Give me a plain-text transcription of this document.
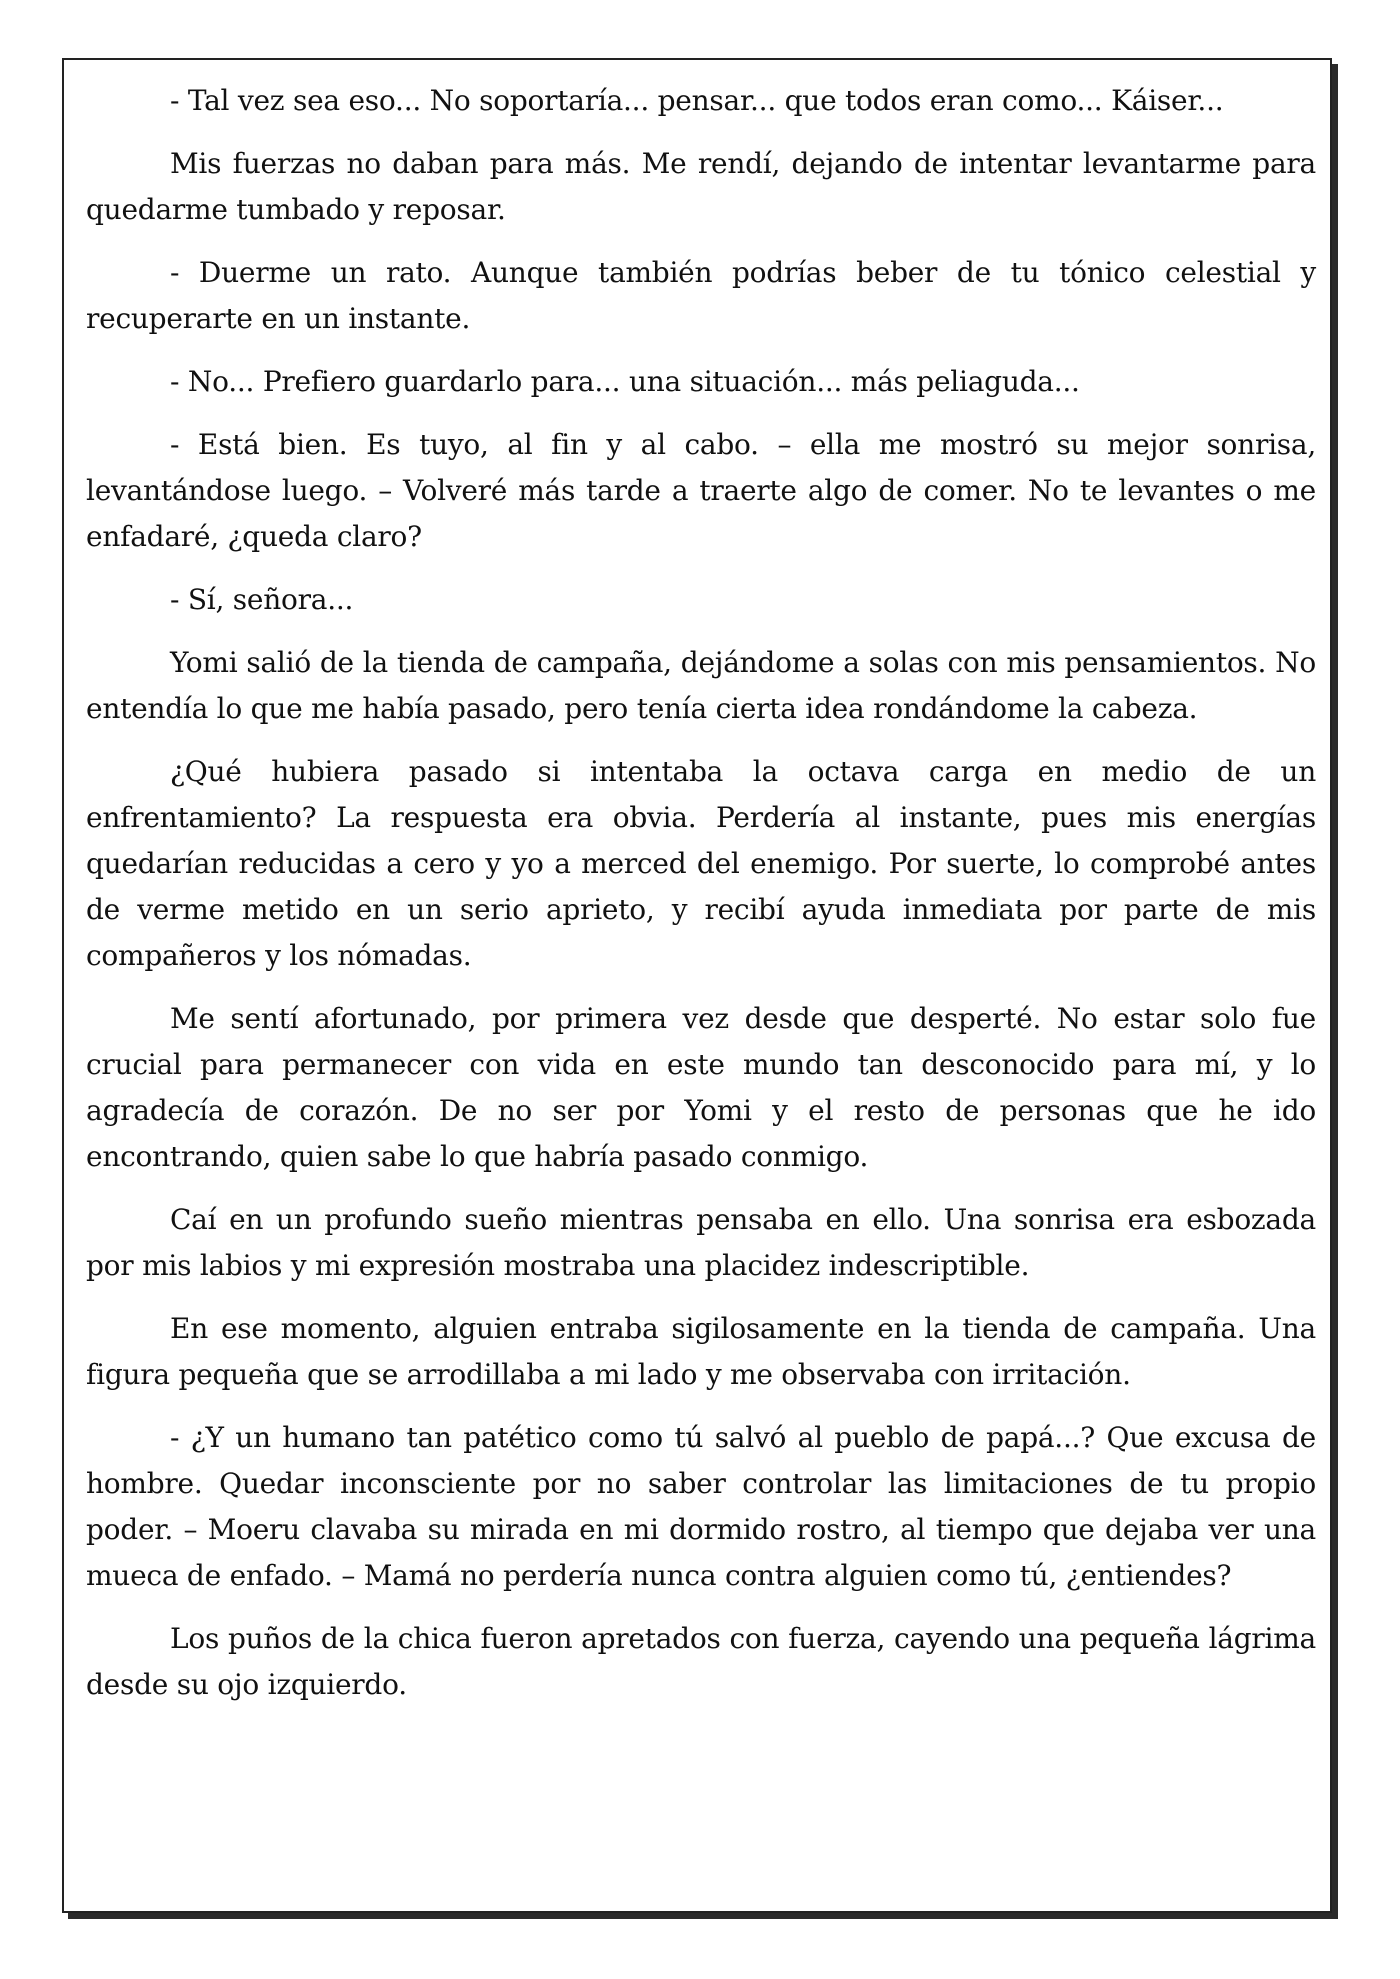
- Tal vez sea eso... No soportaría... pensar... que todos eran como... Káiser...

Mis fuerzas no daban para más. Me rendí, dejando de intentar levantarme para quedarme tumbado y reposar.

- Duerme un rato. Aunque también podrías beber de tu tónico celestial y recuperarte en un instante.

- No... Prefiero guardarlo para... una situación... más peliaguda...

- Está bien. Es tuyo, al fin y al cabo. – ella me mostró su mejor sonrisa, levantándose luego. – Volveré más tarde a traerte algo de comer. No te levantes o me enfadaré, ¿queda claro?

- Sí, señora...

Yomi salió de la tienda de campaña, dejándome a solas con mis pensamientos. No entendía lo que me había pasado, pero tenía cierta idea rondándome la cabeza.

¿Qué hubiera pasado si intentaba la octava carga en medio de un enfrentamiento? La respuesta era obvia. Perdería al instante, pues mis energías quedarían reducidas a cero y yo a merced del enemigo. Por suerte, lo comprobé antes de verme metido en un serio aprieto, y recibí ayuda inmediata por parte de mis compañeros y los nómadas.

Me sentí afortunado, por primera vez desde que desperté. No estar solo fue crucial para permanecer con vida en este mundo tan desconocido para mí, y lo agradecía de corazón. De no ser por Yomi y el resto de personas que he ido encontrando, quien sabe lo que habría pasado conmigo.

Caí en un profundo sueño mientras pensaba en ello. Una sonrisa era esbozada por mis labios y mi expresión mostraba una placidez indescriptible.

En ese momento, alguien entraba sigilosamente en la tienda de campaña. Una figura pequeña que se arrodillaba a mi lado y me observaba con irritación.

- ¿Y un humano tan patético como tú salvó al pueblo de papá...? Que excusa de hombre. Quedar inconsciente por no saber controlar las limitaciones de tu propio poder. – Moeru clavaba su mirada en mi dormido rostro, al tiempo que dejaba ver una mueca de enfado. – Mamá no perdería nunca contra alguien como tú, ¿entiendes?

Los puños de la chica fueron apretados con fuerza, cayendo una pequeña lágrima desde su ojo izquierdo.
